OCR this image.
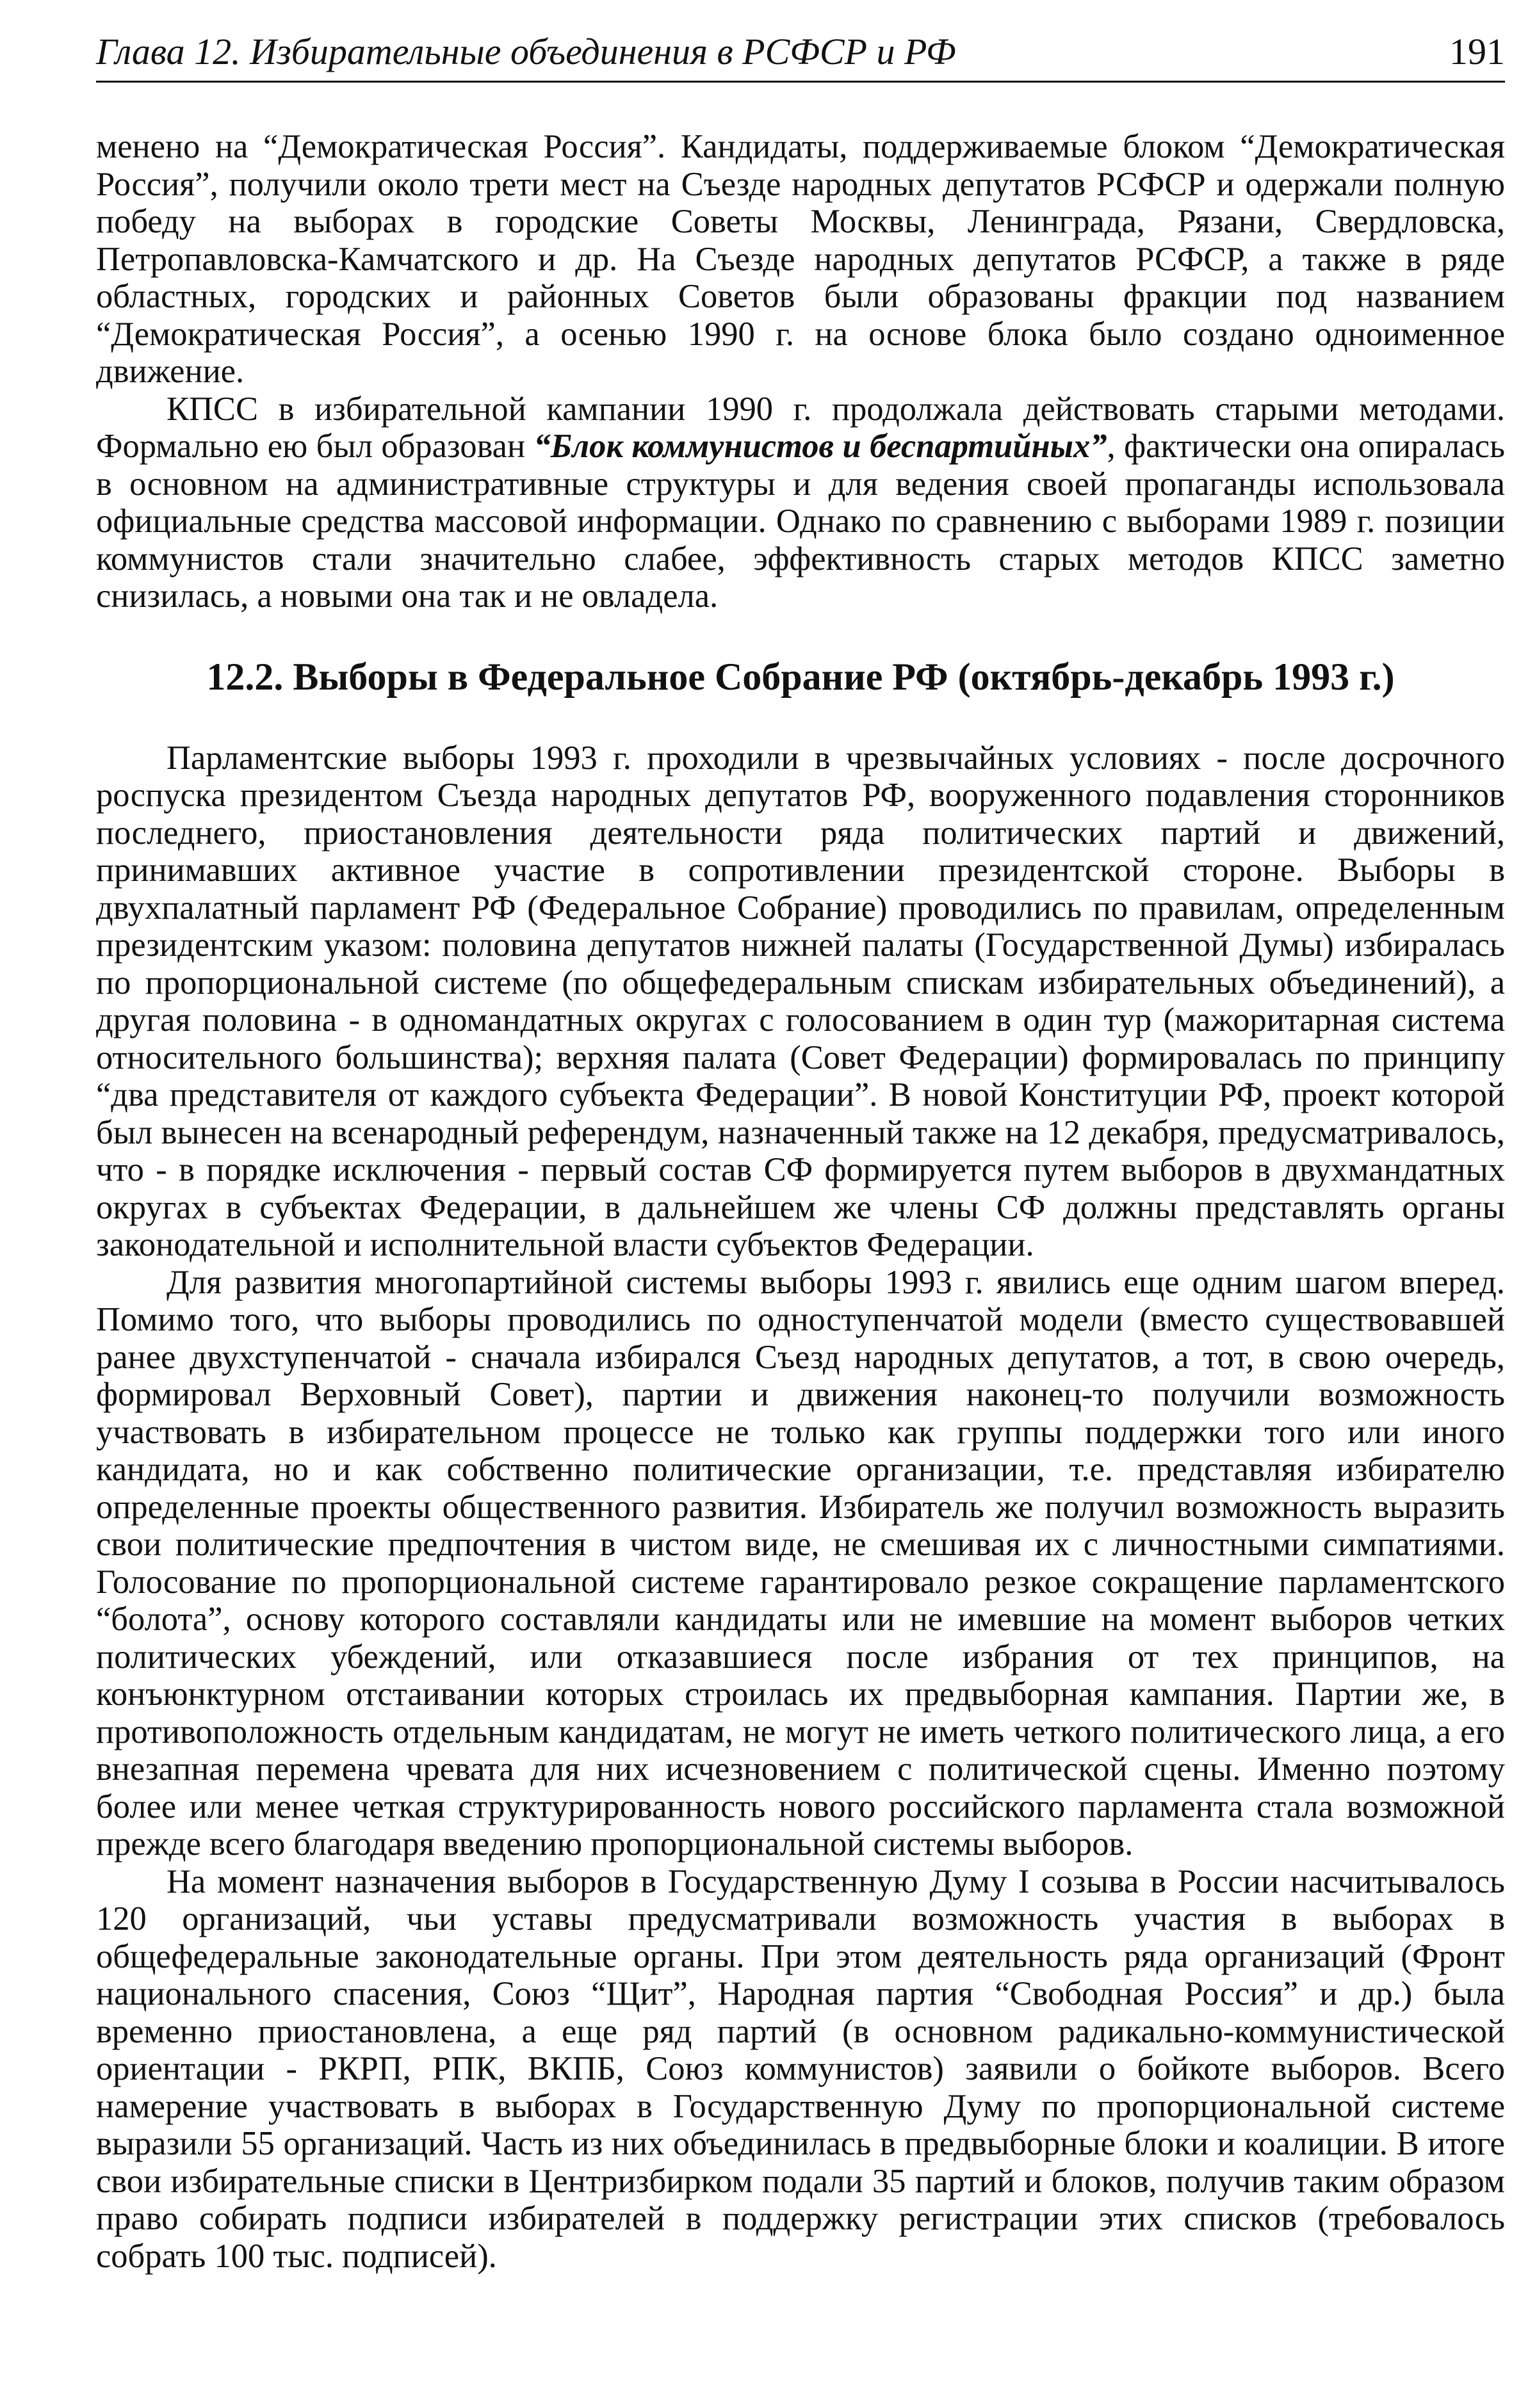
Глава 12. Избирательные объединения в РСФСР и РФ	191

менено на “Демократическая Россия”. Кандидаты, поддерживаемые блоком “Демократическая Россия”, получили около трети мест на Съезде народных депутатов РСФСР и одержали полную победу на выборах в городские Советы Москвы, Ленинграда, Рязани, Свердловска, Петропавловска-Камчатского и др. На Съезде народных депутатов РСФСР, а также в ряде областных, городских и районных Советов были образованы фракции под названием “Демократическая Россия”, а осенью 1990 г. на основе блока было создано одноименное движение.

КПСС в избирательной кампании 1990 г. продолжала действовать старыми методами. Формально ею был образован “Блок коммунистов и беспартийных”, фактически она опиралась в основном на административные структуры и для ведения своей пропаганды использовала официальные средства массовой информации. Однако по сравнению с выборами 1989 г. позиции коммунистов стали значительно слабее, эффективность старых методов КПСС заметно снизилась, а новыми она так и не овладела.

12.2. Выборы в Федеральное Собрание РФ (октябрь-декабрь 1993 г.)

Парламентские выборы 1993 г. проходили в чрезвычайных условиях - после досрочного роспуска президентом Съезда народных депутатов РФ, вооруженного подавления сторонников последнего, приостановления деятельности ряда политических партий и движений, принимавших активное участие в сопротивлении президентской стороне. Выборы в двухпалатный парламент РФ (Федеральное Собрание) проводились по правилам, определенным президентским указом: половина депутатов нижней палаты (Государственной Думы) избиралась по пропорциональной системе (по общефедеральным спискам избирательных объединений), а другая половина - в одномандатных округах с голосованием в один тур (мажоритарная система относительного большинства); верхняя палата (Совет Федерации) формировалась по принципу “два представителя от каждого субъекта Федерации”. В новой Конституции РФ, проект которой был вынесен на всенародный референдум, назначенный также на 12 декабря, предусматривалось, что - в порядке исключения - первый состав СФ формируется путем выборов в двухмандатных округах в субъектах Федерации, в дальнейшем же члены СФ должны представлять органы законодательной и исполнительной власти субъектов Федерации.

Для развития многопартийной системы выборы 1993 г. явились еще одним шагом вперед. Помимо того, что выборы проводились по одноступенчатой модели (вместо существовавшей ранее двухступенчатой - сначала избирался Съезд народных депутатов, а тот, в свою очередь, формировал Верховный Совет), партии и движения наконец-то получили возможность участвовать в избирательном процессе не только как группы поддержки того или иного кандидата, но и как собственно политические организации, т.е. представляя избирателю определенные проекты общественного развития. Избиратель же получил возможность выразить свои политические предпочтения в чистом виде, не смешивая их с личностными симпатиями. Голосование по пропорциональной системе гарантировало резкое сокращение парламентского “болота”, основу которого составляли кандидаты или не имевшие на момент выборов четких политических убеждений, или отказавшиеся после избрания от тех принципов, на конъюнктурном отстаивании которых строилась их предвыборная кампания. Партии же, в противоположность отдельным кандидатам, не могут не иметь четкого политического лица, а его внезапная перемена чревата для них исчезновением с политической сцены. Именно поэтому более или менее четкая структурированность нового российского парламента стала возможной прежде всего благодаря введению пропорциональной системы выборов.

На момент назначения выборов в Государственную Думу I созыва в России насчитывалось 120 организаций, чьи уставы предусматривали возможность участия в выборах в общефедеральные законодательные органы. При этом деятельность ряда организаций (Фронт национального спасения, Союз “Щит”, Народная партия “Свободная Россия” и др.) была временно приостановлена, а еще ряд партий (в основном радикально-коммунистической ориентации - РКРП, РПК, ВКПБ, Союз коммунистов) заявили о бойкоте выборов. Всего намерение участвовать в выборах в Государственную Думу по пропорциональной системе выразили 55 организаций. Часть из них объединилась в предвыборные блоки и коалиции. В итоге свои избирательные списки в Центризбирком подали 35 партий и блоков, получив таким образом право собирать подписи избирателей в поддержку регистрации этих списков (требовалось собрать 100 тыс. подписей).
